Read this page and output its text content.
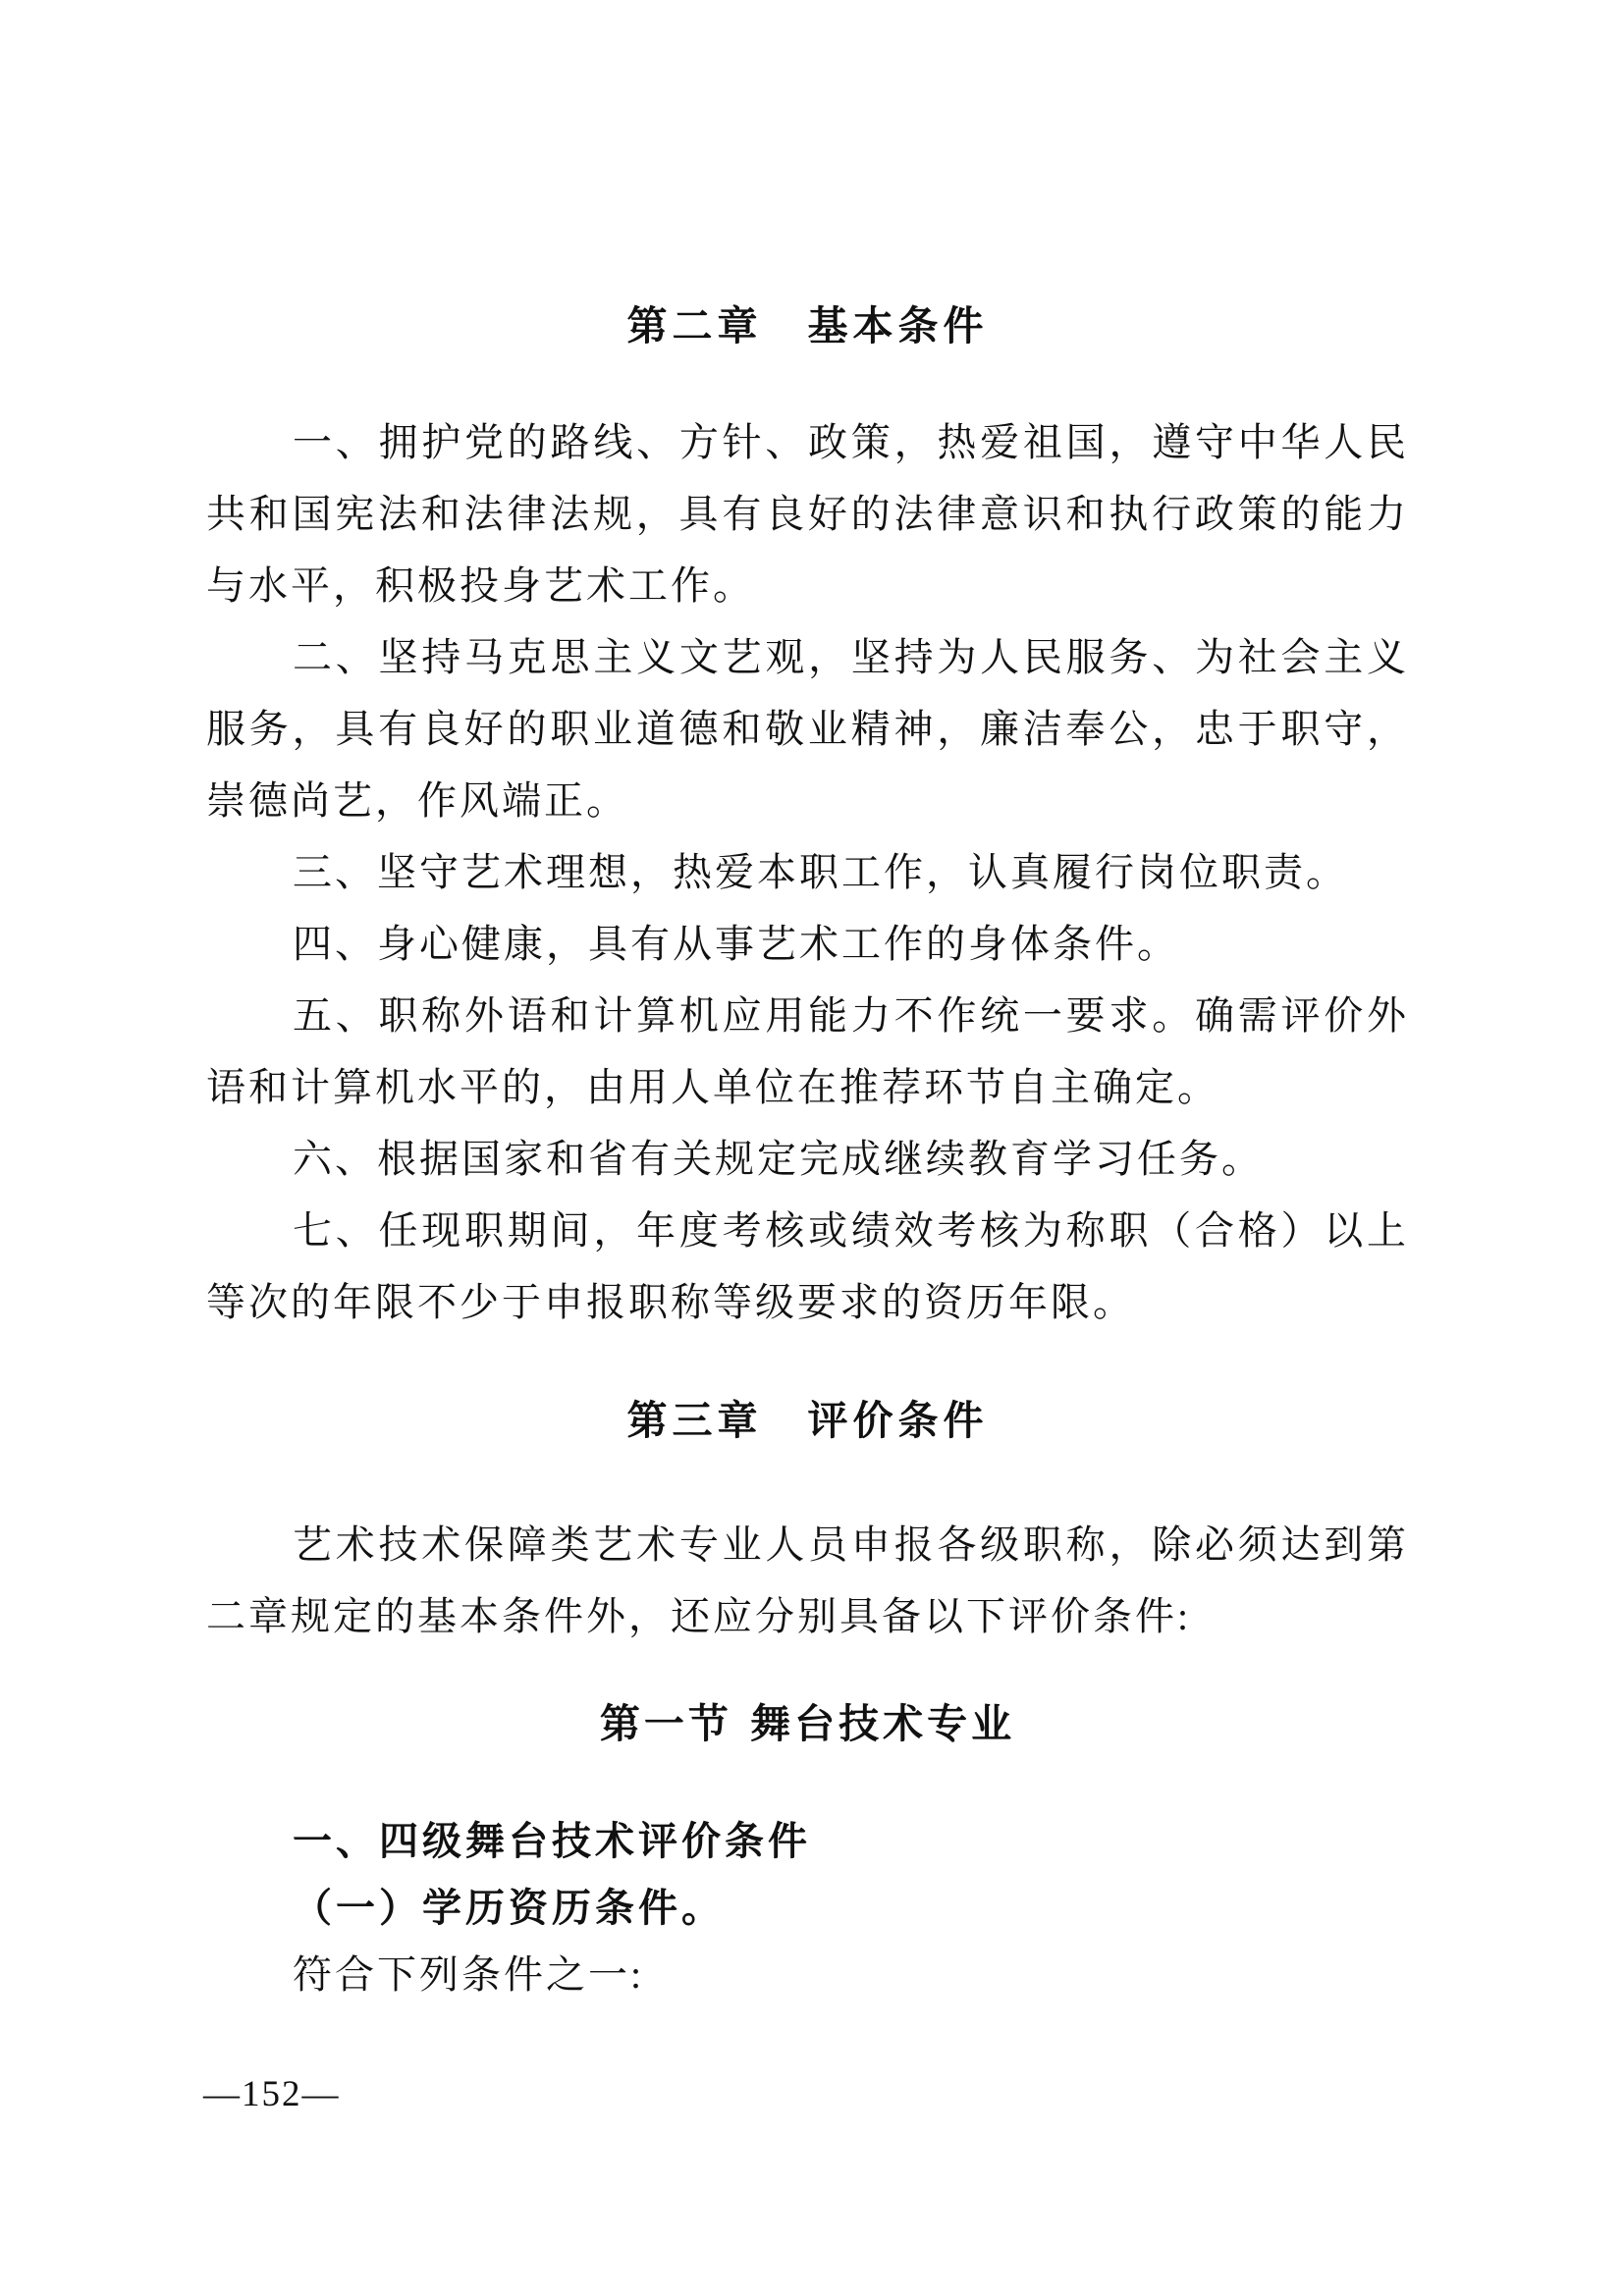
第二章　基本条件
一、拥护党的路线、方针、政策，热爱祖国，遵守中华人民
共和国宪法和法律法规，具有良好的法律意识和执行政策的能力
与水平，积极投身艺术工作。
二、坚持马克思主义文艺观，坚持为人民服务、为社会主义
服务，具有良好的职业道德和敬业精神，廉洁奉公，忠于职守，
崇德尚艺，作风端正。
三、坚守艺术理想，热爱本职工作，认真履行岗位职责。
四、身心健康，具有从事艺术工作的身体条件。
五、职称外语和计算机应用能力不作统一要求。确需评价外
语和计算机水平的，由用人单位在推荐环节自主确定。
六、根据国家和省有关规定完成继续教育学习任务。
七、任现职期间，年度考核或绩效考核为称职（合格）以上
等次的年限不少于申报职称等级要求的资历年限。
第三章　评价条件
艺术技术保障类艺术专业人员申报各级职称，除必须达到第
二章规定的基本条件外，还应分别具备以下评价条件:
第一节 舞台技术专业
一、四级舞台技术评价条件
（一）学历资历条件。
符合下列条件之一:
—152—
